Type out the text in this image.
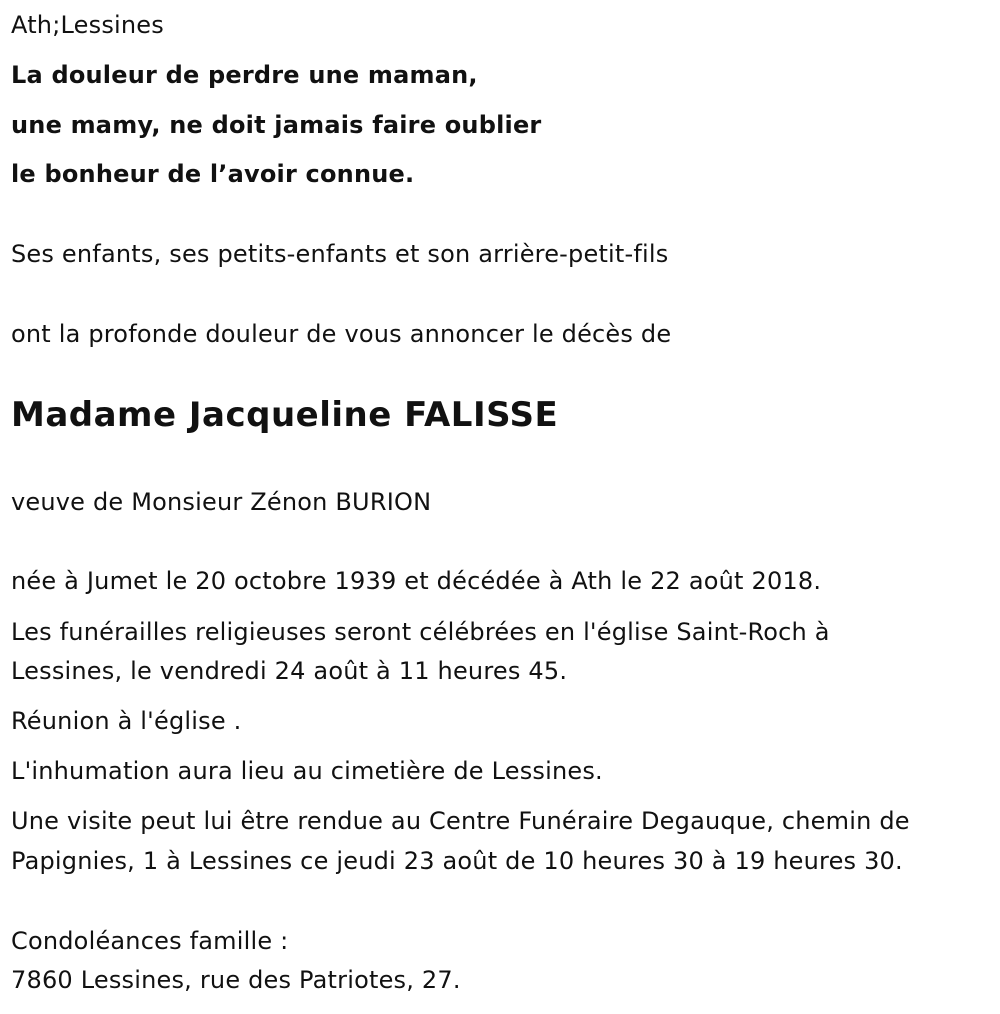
Ath;Lessines

La douleur de perdre une maman,

une mamy, ne doit jamais faire oublier

le bonheur de l’avoir connue.

Ses enfants, ses petits-enfants et son arrière-petit-fils

ont la profonde douleur de vous annoncer le décès de

Madame Jacqueline FALISSE

veuve de Monsieur Zénon BURION

née à Jumet le 20 octobre 1939 et décédée à Ath le 22 août 2018.

Les funérailles religieuses seront célébrées en l'église Saint-Roch à

Lessines, le vendredi 24 août à 11 heures 45.

Réunion à l'église .

L'inhumation aura lieu au cimetière de Lessines.

Une visite peut lui être rendue au Centre Funéraire Degauque, chemin de

Papignies, 1 à Lessines ce jeudi 23 août de 10 heures 30 à 19 heures 30.

Condoléances famille :

7860 Lessines, rue des Patriotes, 27.
